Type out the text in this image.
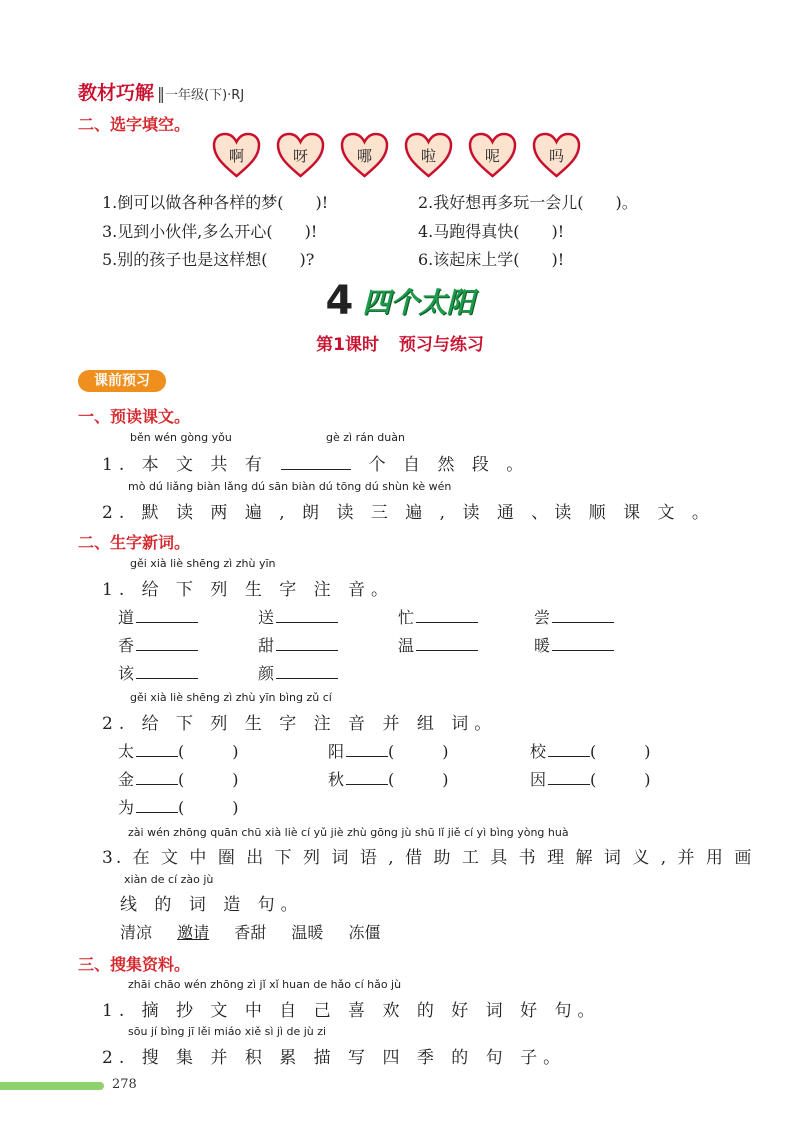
教材巧解 ‖ 一年级(下)·RJ
二、选字填空。
啊	呀	哪	啦	呢	吗
1.倒可以做各种各样的梦(　　)!	2.我好想再多玩一会儿(　　)。
3.见到小伙伴,多么开心(　　)!	4.马跑得真快(　　)!
5.别的孩子也是这样想(　　)?	6.该起床上学(　　)!
4 四个太阳
第1课时 预习与练习
课前预习
一、预读课文。
běn wén gòng yǒu	gè zì rán duàn
1. 本 文 共 有	个 自 然 段 。
mò dú liǎng biàn lǎng dú sān biàn dú tōng dú shùn kè wén
2. 默 读 两 遍 , 朗 读 三 遍 , 读 通 、读 顺 课 文 。
二、生字新词。
gěi xià liè shēng zì zhù yīn
1. 给 下 列 生 字 注 音。
道	送	忙	尝
香	甜	温	暖
该	颜
gěi xià liè shēng zì zhù yīn bìng zǔ cí
2. 给 下 列 生 字 注 音 并 组 词。
太	(　　　)	阳	(　　　)	校	(　　　)
金	(　　　)	秋	(　　　)	因	(　　　)
为	(　　　)
zài wén zhōng quān chū xià liè cí yǔ jiè zhù gōng jù shū lǐ jiě cí yì bìng yòng huà
3. 在 文 中 圈 出 下 列 词 语 , 借 助 工 具 书 理 解 词 义 , 并 用 画
xiàn de cí zào jù
线 的 词 造 句。
清凉 邀请 香甜 温暖 冻僵
三、搜集资料。
zhāi chāo wén zhōng zì jǐ xǐ huan de hǎo cí hǎo jù
1. 摘 抄 文 中 自 己 喜 欢 的 好 词 好 句。
sōu jí bìng jī lěi miáo xiě sì jì de jù zi
2. 搜 集 并 积 累 描 写 四 季 的 句 子。
278
